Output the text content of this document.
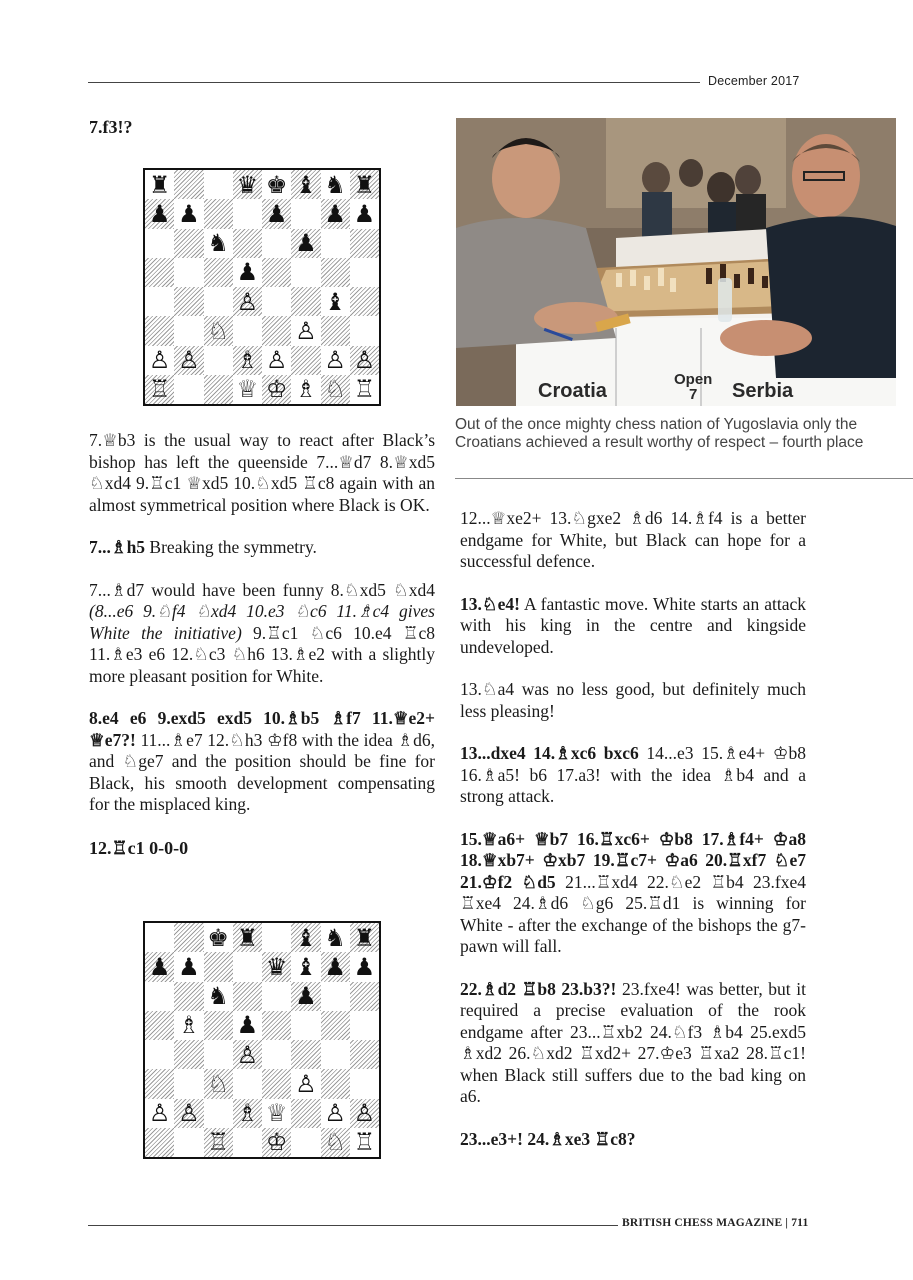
December 2017
7.f3!?
♜	♛ ♚ ♝ ♞ ♜
♟ ♟	♟ ♟ ♟
♞	♟
♟
♙	♝
♘	♙
♙ ♙ ♗ ♙ ♙ ♙
♖	♕ ♔ ♗ ♘ ♖

7.♕b3 is the usual way to react after Black’s bishop has left the queenside 7...♕d7 8.♕xd5 ♘xd4 9.♖c1 ♕xd5 10.♘xd5 ♖c8 again with an almost symmetrical position where Black is OK.

7...♗h5 Breaking the symmetry.

7...♗d7 would have been funny 8.♘xd5 ♘xd4 (8...e6 9.♘f4 ♘xd4 10.e3 ♘c6 11.♗c4 gives White the initiative) 9.♖c1 ♘c6 10.e4 ♖c8 11.♗e3 e6 12.♘c3 ♘h6 13.♗e2 with a slightly more pleasant position for White.

8.e4 e6 9.exd5 exd5 10.♗b5 ♗f7 11.♕e2+ ♕e7?! 11...♗e7 12.♘h3 ♔f8 with the idea ♗d6, and ♘ge7 and the position should be fine for Black, his smooth development compensating for the misplaced king.

12.♖c1 0-0-0

♚ ♜ ♝ ♞ ♜
♟ ♟	♛ ♝ ♟ ♟
♞	♟
♗ ♟
♙
♘	♙
♙ ♙ ♗ ♕ ♙ ♙
♖ ♔ ♘ ♖
Croatia
Open
7	Serbia
Out of the once mighty chess nation of Yugoslavia only the Croatians achieved a result worthy of respect – fourth place

12...♕xe2+ 13.♘gxe2 ♗d6 14.♗f4 is a better endgame for White, but Black can hope for a successful defence.

13.♘e4! A fantastic move. White starts an attack with his king in the centre and kingside undeveloped.

13.♘a4 was no less good, but definitely much less pleasing!

13...dxe4 14.♗xc6 bxc6 14...e3 15.♗e4+ ♔b8 16.♗a5! b6 17.a3! with the idea ♗b4 and a strong attack.

15.♕a6+ ♕b7 16.♖xc6+ ♔b8 17.♗f4+ ♔a8 18.♕xb7+ ♔xb7 19.♖c7+ ♔a6 20.♖xf7 ♘e7 21.♔f2 ♘d5 21...♖xd4 22.♘e2 ♖b4 23.fxe4 ♖xe4 24.♗d6 ♘g6 25.♖d1 is winning for White - after the exchange of the bishops the g7-pawn will fall.

22.♗d2 ♖b8 23.b3?! 23.fxe4! was better, but it required a precise evaluation of the rook endgame after 23...♖xb2 24.♘f3 ♗b4 25.exd5 ♗xd2 26.♘xd2 ♖xd2+ 27.♔e3 ♖xa2 28.♖c1! when Black still suffers due to the bad king on a6.

23...e3+! 24.♗xe3 ♖c8?

BRITISH CHESS MAGAZINE | 711
